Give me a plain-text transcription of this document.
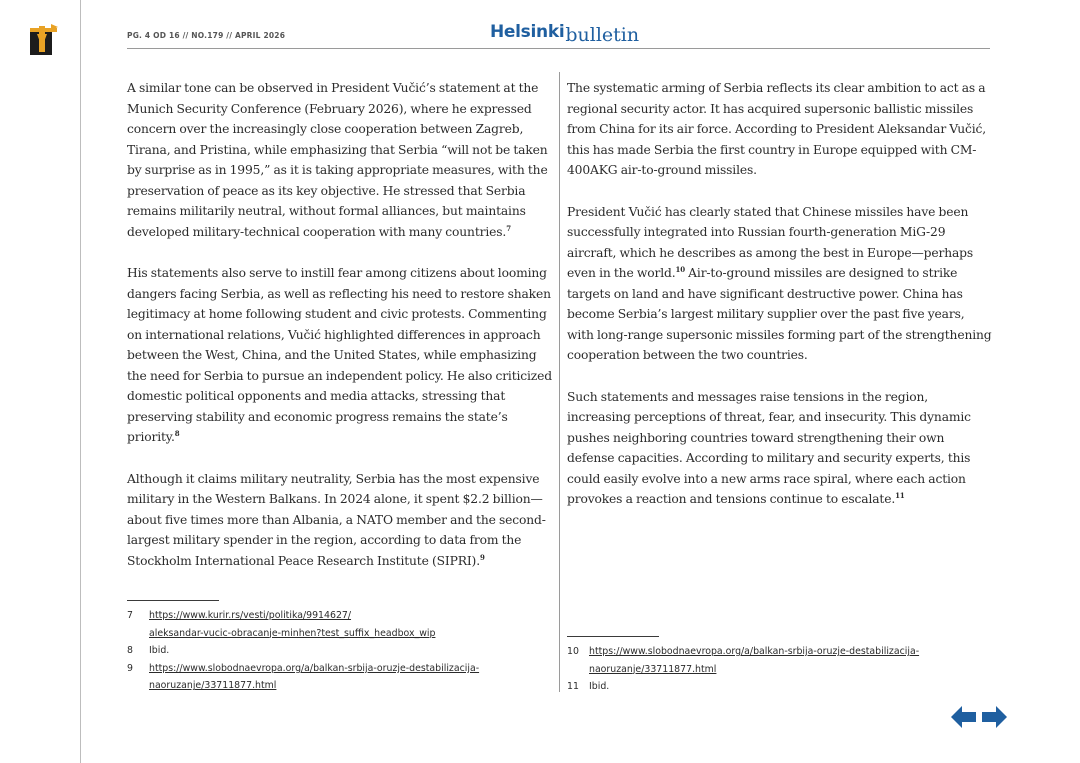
PG. 4 OD 16 // NO.179 // APRIL 2026	Helsinkibulletin

A similar tone can be observed in President Vučić’s statement at the Munich Security Conference (February 2026), where he expressed concern over the increasingly close cooperation between Zagreb, Tirana, and Pristina, while emphasizing that Serbia “will not be taken by surprise as in 1995,” as it is taking appropriate measures, with the preservation of peace as its key objective. He stressed that Serbia remains militarily neutral, without formal alliances, but maintains developed military-technical cooperation with many countries.$^7$

His statements also serve to instill fear among citizens about looming dangers facing Serbia, as well as reflecting his need to restore shaken legitimacy at home following student and civic protests. Commenting on international relations, Vučić highlighted differences in approach between the West, China, and the United States, while emphasizing the need for Serbia to pursue an independent policy. He also criticized domestic political opponents and media attacks, stressing that preserving stability and economic progress remains the state’s priority.$^8$

Although it claims military neutrality, Serbia has the most expensive military in the Western Balkans. In 2024 alone, it spent $2.2 billion—about five times more than Albania, a NATO member and the second-largest military spender in the region, according to data from the Stockholm International Peace Research Institute (SIPRI).$^9$

The systematic arming of Serbia reflects its clear ambition to act as a regional security actor. It has acquired supersonic ballistic missiles from China for its air force. According to President Aleksandar Vučić, this has made Serbia the first country in Europe equipped with CM-400AKG air-to-ground missiles.

President Vučić has clearly stated that Chinese missiles have been successfully integrated into Russian fourth-generation MiG-29 aircraft, which he describes as among the best in Europe—perhaps even in the world.$^{10}$ Air-to-ground missiles are designed to strike targets on land and have significant destructive power. China has become Serbia’s largest military supplier over the past five years, with long-range supersonic missiles forming part of the strengthening cooperation between the two countries.

Such statements and messages raise tensions in the region, increasing perceptions of threat, fear, and insecurity. This dynamic pushes neighboring countries toward strengthening their own defense capacities. According to military and security experts, this could easily evolve into a new arms race spiral, where each action provokes a reaction and tensions continue to escalate.$^{11}$

7 https://www.kurir.rs/vesti/politika/9914627/
aleksandar-vucic-obracanje-minhen?test_suffix_headbox_wip
8 Ibid.
9 https://www.slobodnaevropa.org/a/balkan-srbija-oruzje-destabilizacija-
naoruzanje/33711877.html
10 https://www.slobodnaevropa.org/a/balkan-srbija-oruzje-destabilizacija-
naoruzanje/33711877.html
11 Ibid.
